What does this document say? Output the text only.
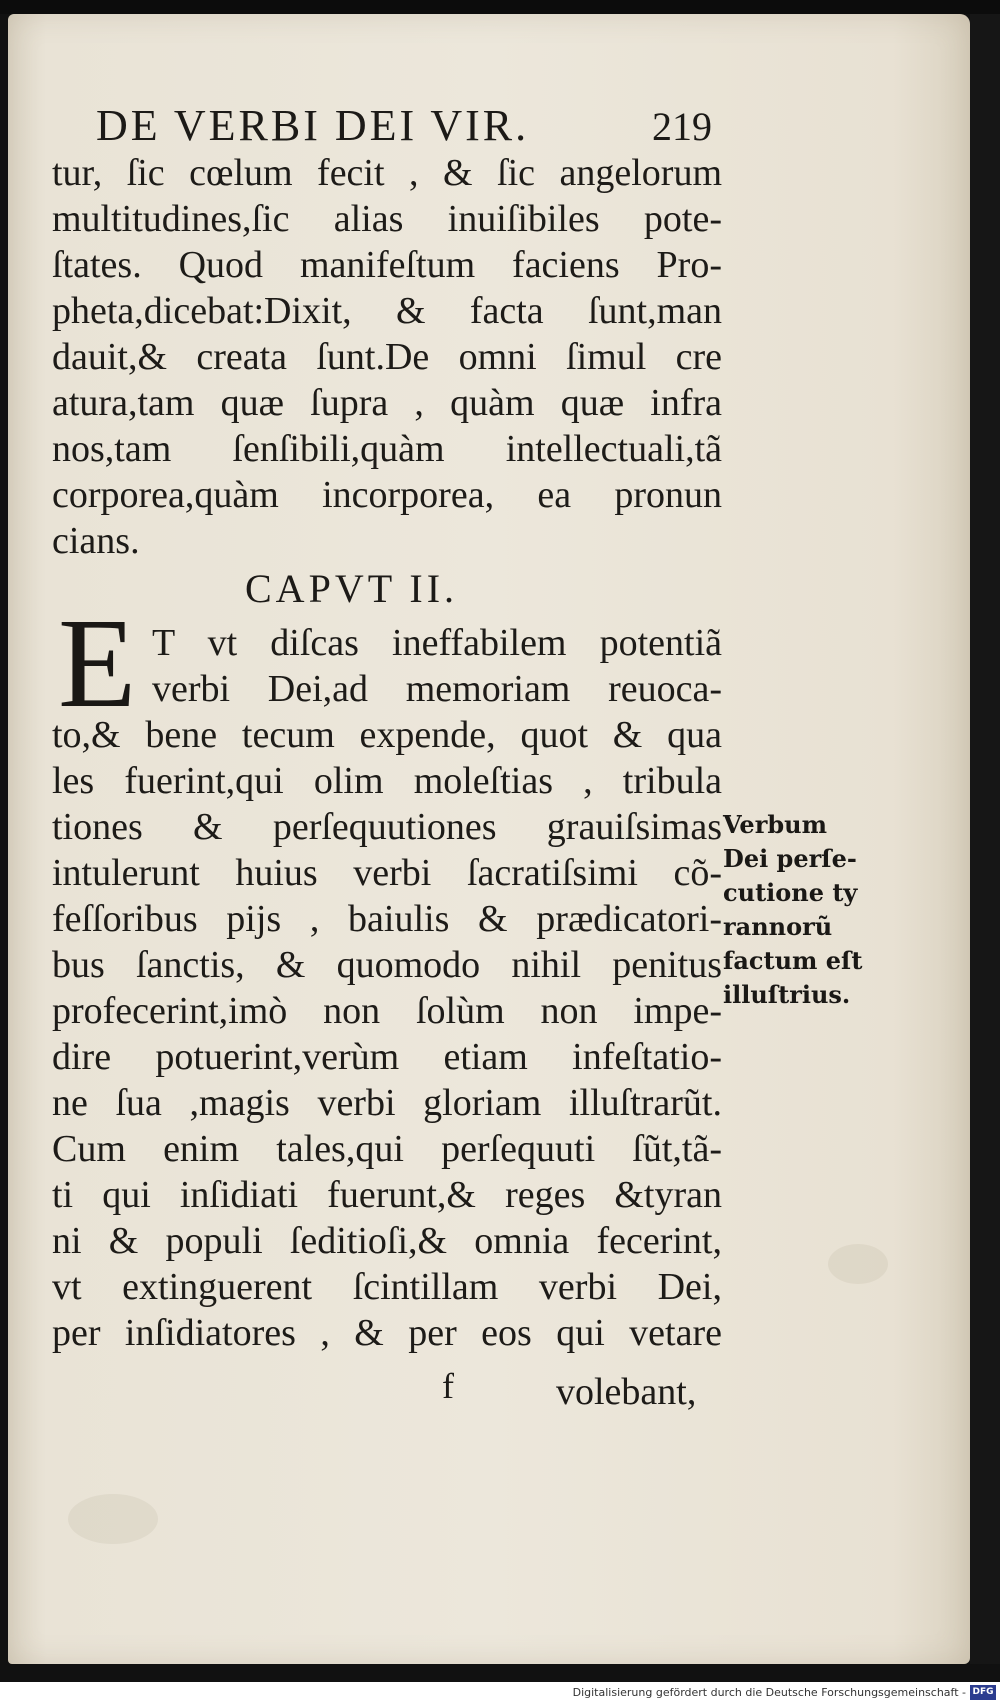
DE VERBI DEI VIR.	219
tur, ſic cœlum fecit , & ſic angelorum
multitudines,ſic alias inuiſibiles pote-
ſtates. Quod manifeſtum faciens Pro-
pheta,dicebat:Dixit, & facta ſunt,man
dauit,& creata ſunt.De omni ſimul cre
atura,tam quæ ſupra , quàm quæ infra
nos,tam ſenſibili,quàm intellectuali,tã
corporea,quàm incorporea, ea pronun
cians.
CAPVT II.
E T vt diſcas ineffabilem potentiã
verbi Dei,ad memoriam reuoca-
to,& bene tecum expende, quot & qua
les fuerint,qui olim moleſtias , tribula
tiones & perſequutiones grauiſsimas
intulerunt huius verbi ſacratiſsimi cõ-
feſſoribus pijs , baiulis & prædicatori-
bus ſanctis, & quomodo nihil penitus
profecerint,imò non ſolùm non impe-
dire potuerint,verùm etiam infeſtatio-
ne ſua ,magis verbi gloriam illuſtrarũt.
Cum enim tales,qui perſequuti ſũt,tã-
ti qui inſidiati fuerunt,& reges &tyran
ni & populi ſeditioſi,& omnia fecerint,
vt extinguerent ſcintillam verbi Dei,
per inſidiatores , & per eos qui vetare
Verbum
Dei perſe-
cutione ty
rannorũ
factum eſt
illuſtrius.
f	volebant,
Digitalisierung gefördert durch die Deutsche Forschungsgemeinschaft - DFG
